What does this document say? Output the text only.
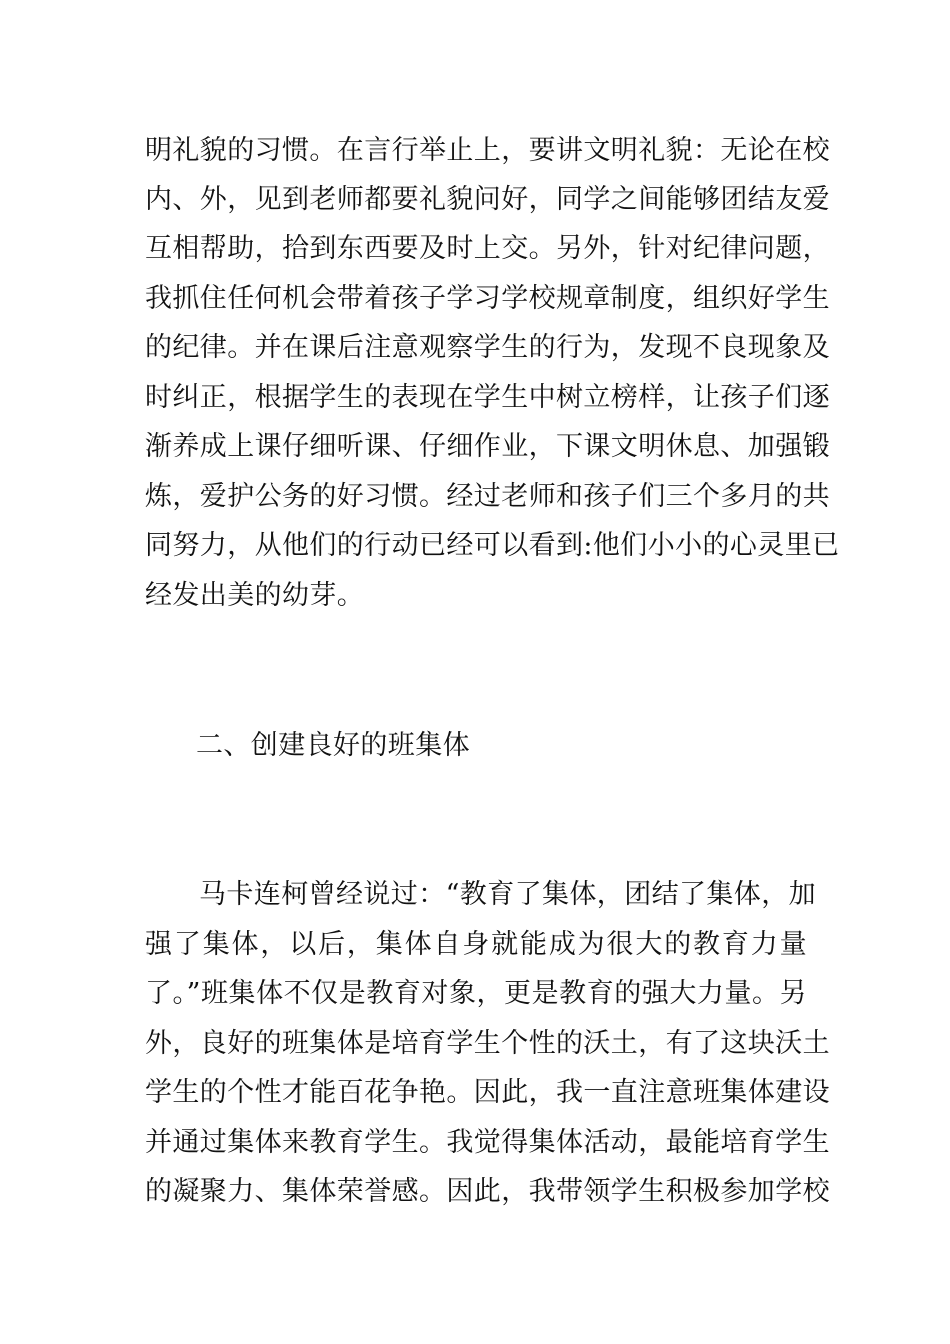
明礼貌的习惯。在言行举止上，要讲文明礼貌：无论在校
内、外，见到老师都要礼貌问好，同学之间能够团结友爱
互相帮助，拾到东西要及时上交。另外，针对纪律问题，
我抓住任何机会带着孩子学习学校规章制度，组织好学生
的纪律。并在课后注意观察学生的行为，发现不良现象及
时纠正，根据学生的表现在学生中树立榜样，让孩子们逐
渐养成上课仔细听课、仔细作业，下课文明休息、加强锻
炼，爱护公务的好习惯。经过老师和孩子们三个多月的共
同努力，从他们的行动已经可以看到:他们小小的心灵里已
经发出美的幼芽。
二、创建良好的班集体
马卡连柯曾经说过：“教育了集体，团结了集体，加
强了集体，以后，集体自身就能成为很大的教育力量
了。”班集体不仅是教育对象，更是教育的强大力量。另
外，良好的班集体是培育学生个性的沃土，有了这块沃土
学生的个性才能百花争艳。因此，我一直注意班集体建设
并通过集体来教育学生。我觉得集体活动，最能培育学生
的凝聚力、集体荣誉感。因此，我带领学生积极参加学校
